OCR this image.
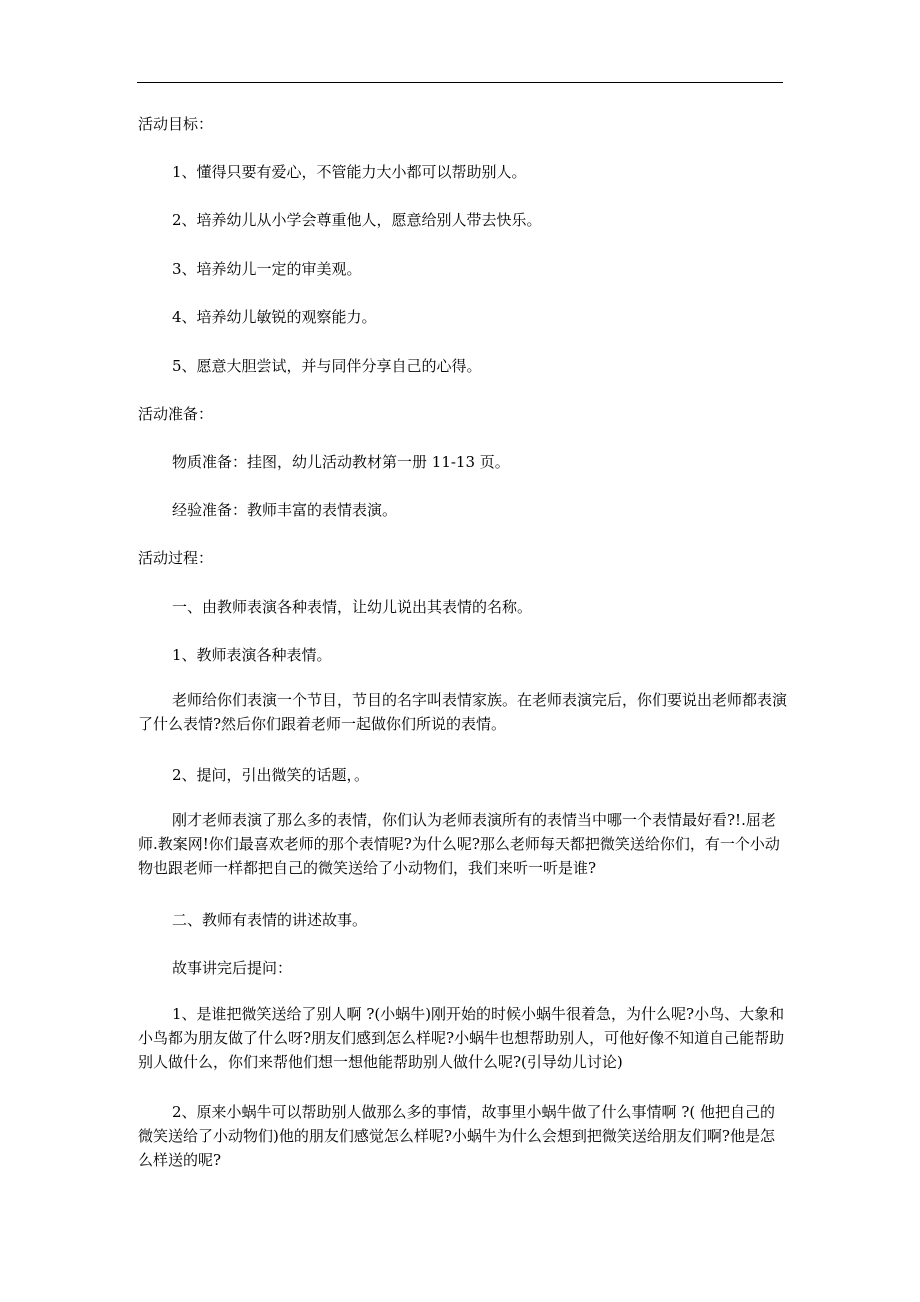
活动目标：
1、懂得只要有爱心，不管能力大小都可以帮助别人。
2、培养幼儿从小学会尊重他人，愿意给别人带去快乐。
3、培养幼儿一定的审美观。
4、培养幼儿敏锐的观察能力。
5、愿意大胆尝试，并与同伴分享自己的心得。
活动准备：
物质准备：挂图，幼儿活动教材第一册 11-13 页。
经验准备：教师丰富的表情表演。
活动过程：
一、由教师表演各种表情，让幼儿说出其表情的名称。
1、教师表演各种表情。
老师给你们表演一个节目，节目的名字叫表情家族。在老师表演完后，你们要说出老师都表演了什么表情?然后你们跟着老师一起做你们所说的表情。
2、提问，引出微笑的话题，。
刚才老师表演了那么多的表情，你们认为老师表演所有的表情当中哪一个表情最好看?!.屈老师.教案网!你们最喜欢老师的那个表情呢?为什么呢?那么老师每天都把微笑送给你们，有一个小动物也跟老师一样都把自己的微笑送给了小动物们，我们来听一听是谁?
二、教师有表情的讲述故事。
故事讲完后提问：
1、是谁把微笑送给了别人啊 ?(小蜗牛)刚开始的时候小蜗牛很着急，为什么呢?小鸟、大象和小鸟都为朋友做了什么呀?朋友们感到怎么样呢?小蜗牛也想帮助别人，可他好像不知道自己能帮助别人做什么，你们来帮他们想一想他能帮助别人做什么呢?(引导幼儿讨论)
2、原来小蜗牛可以帮助别人做那么多的事情，故事里小蜗牛做了什么事情啊 ?( 他把自己的微笑送给了小动物们)他的朋友们感觉怎么样呢?小蜗牛为什么会想到把微笑送给朋友们啊?他是怎么样送的呢?
